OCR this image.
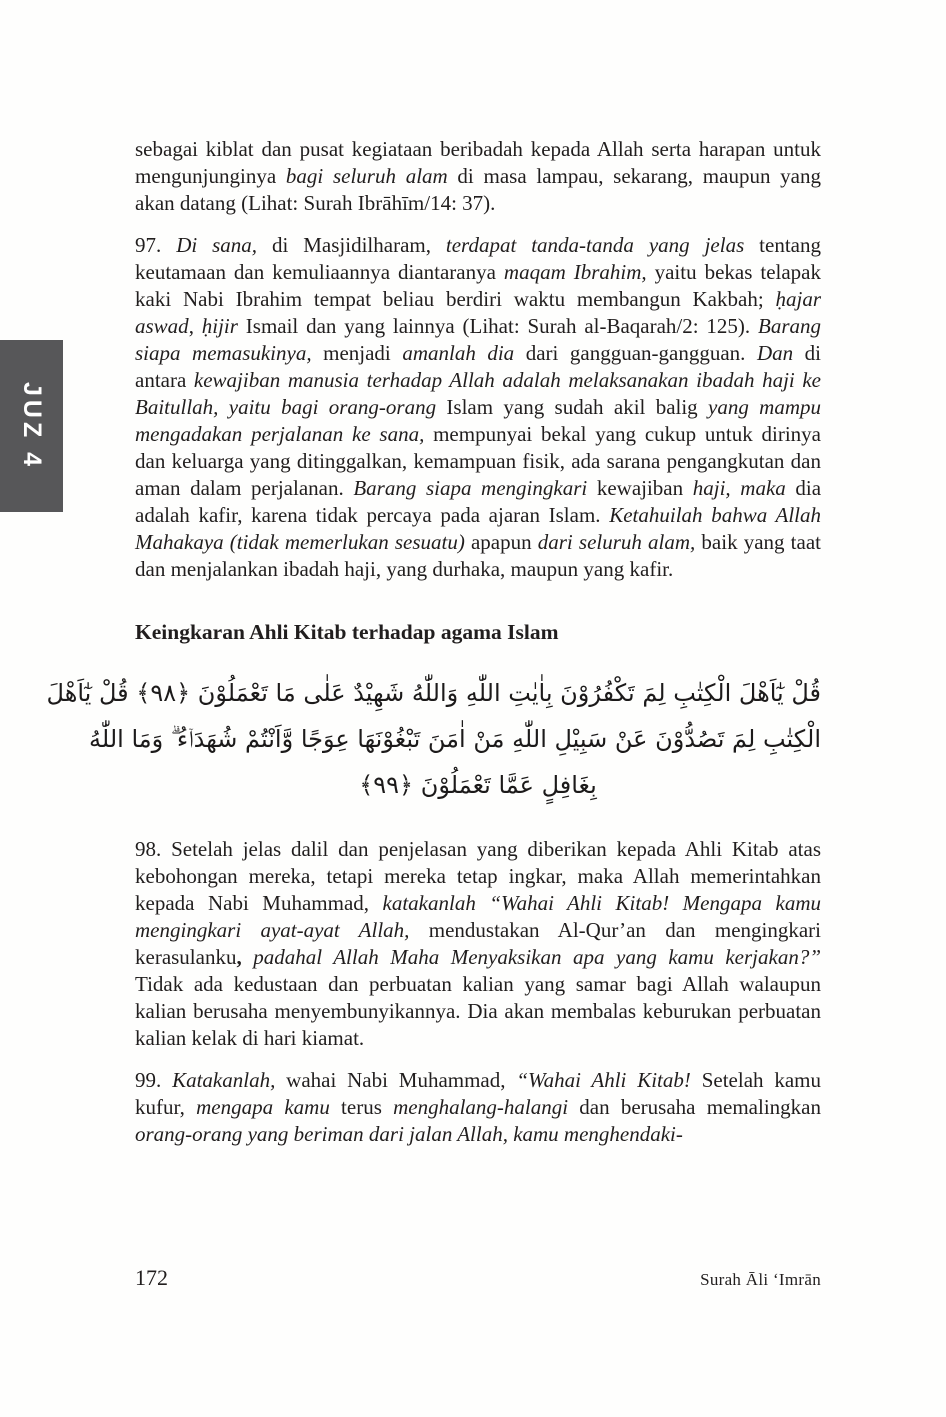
JUZ 4

sebagai kiblat dan pusat kegiataan beribadah kepada Allah serta harapan untuk mengunjunginya bagi seluruh alam di masa lampau, sekarang, maupun yang akan datang (Lihat: Surah Ibrāhīm/14: 37).

97. Di sana, di Masjidilharam, terdapat tanda-tanda yang jelas tentang keutamaan dan kemuliaannya diantaranya maqam Ibrahim, yaitu bekas telapak kaki Nabi Ibrahim tempat beliau berdiri waktu membangun Kakbah; ḥajar aswad, ḥijir Ismail dan yang lainnya (Lihat: Surah al-Baqarah/2: 125). Barang siapa memasukinya, menjadi amanlah dia dari gangguan-gangguan. Dan di antara kewajiban manusia terhadap Allah adalah melaksanakan ibadah haji ke Baitullah, yaitu bagi orang-orang Islam yang sudah akil balig yang mampu mengadakan perjalanan ke sana, mempunyai bekal yang cukup untuk dirinya dan keluarga yang ditinggalkan, kemampuan fisik, ada sarana pengangkutan dan aman dalam perjalanan. Barang siapa mengingkari kewajiban haji, maka dia adalah kafir, karena tidak percaya pada ajaran Islam. Ketahuilah bahwa Allah Mahakaya (tidak memerlukan sesuatu) apapun dari seluruh alam, baik yang taat dan menjalankan ibadah haji, yang durhaka, maupun yang kafir.

Keingkaran Ahli Kitab terhadap agama Islam
قُلْ يٰٓاَهْلَ الْكِتٰبِ لِمَ تَكْفُرُوْنَ بِاٰيٰتِ اللّٰهِ وَاللّٰهُ شَهِيْدٌ عَلٰى مَا تَعْمَلُوْنَ ﴿٩٨﴾ قُلْ يٰٓاَهْلَ
الْكِتٰبِ لِمَ تَصُدُّوْنَ عَنْ سَبِيْلِ اللّٰهِ مَنْ اٰمَنَ تَبْغُوْنَهَا عِوَجًا وَّاَنْتُمْ شُهَدَاۤءُ ۗ وَمَا اللّٰهُ
بِغَافِلٍ عَمَّا تَعْمَلُوْنَ ﴿٩٩﴾

98. Setelah jelas dalil dan penjelasan yang diberikan kepada Ahli Kitab atas kebohongan mereka, tetapi mereka tetap ingkar, maka Allah memerintahkan kepada Nabi Muhammad, katakanlah “Wahai Ahli Kitab! Mengapa kamu mengingkari ayat-ayat Allah, mendustakan Al-Qur’an dan mengingkari kerasulanku, padahal Allah Maha Menyaksikan apa yang kamu kerjakan?” Tidak ada kedustaan dan perbuatan kalian yang samar bagi Allah walaupun kalian berusaha menyembunyikannya. Dia akan membalas keburukan perbuatan kalian kelak di hari kiamat.

99. Katakanlah, wahai Nabi Muhammad, “Wahai Ahli Kitab! Setelah kamu kufur, mengapa kamu terus menghalang-halangi dan berusaha memalingkan orang-orang yang beriman dari jalan Allah, kamu menghendaki-

172	Surah Āli ‘Imrān
